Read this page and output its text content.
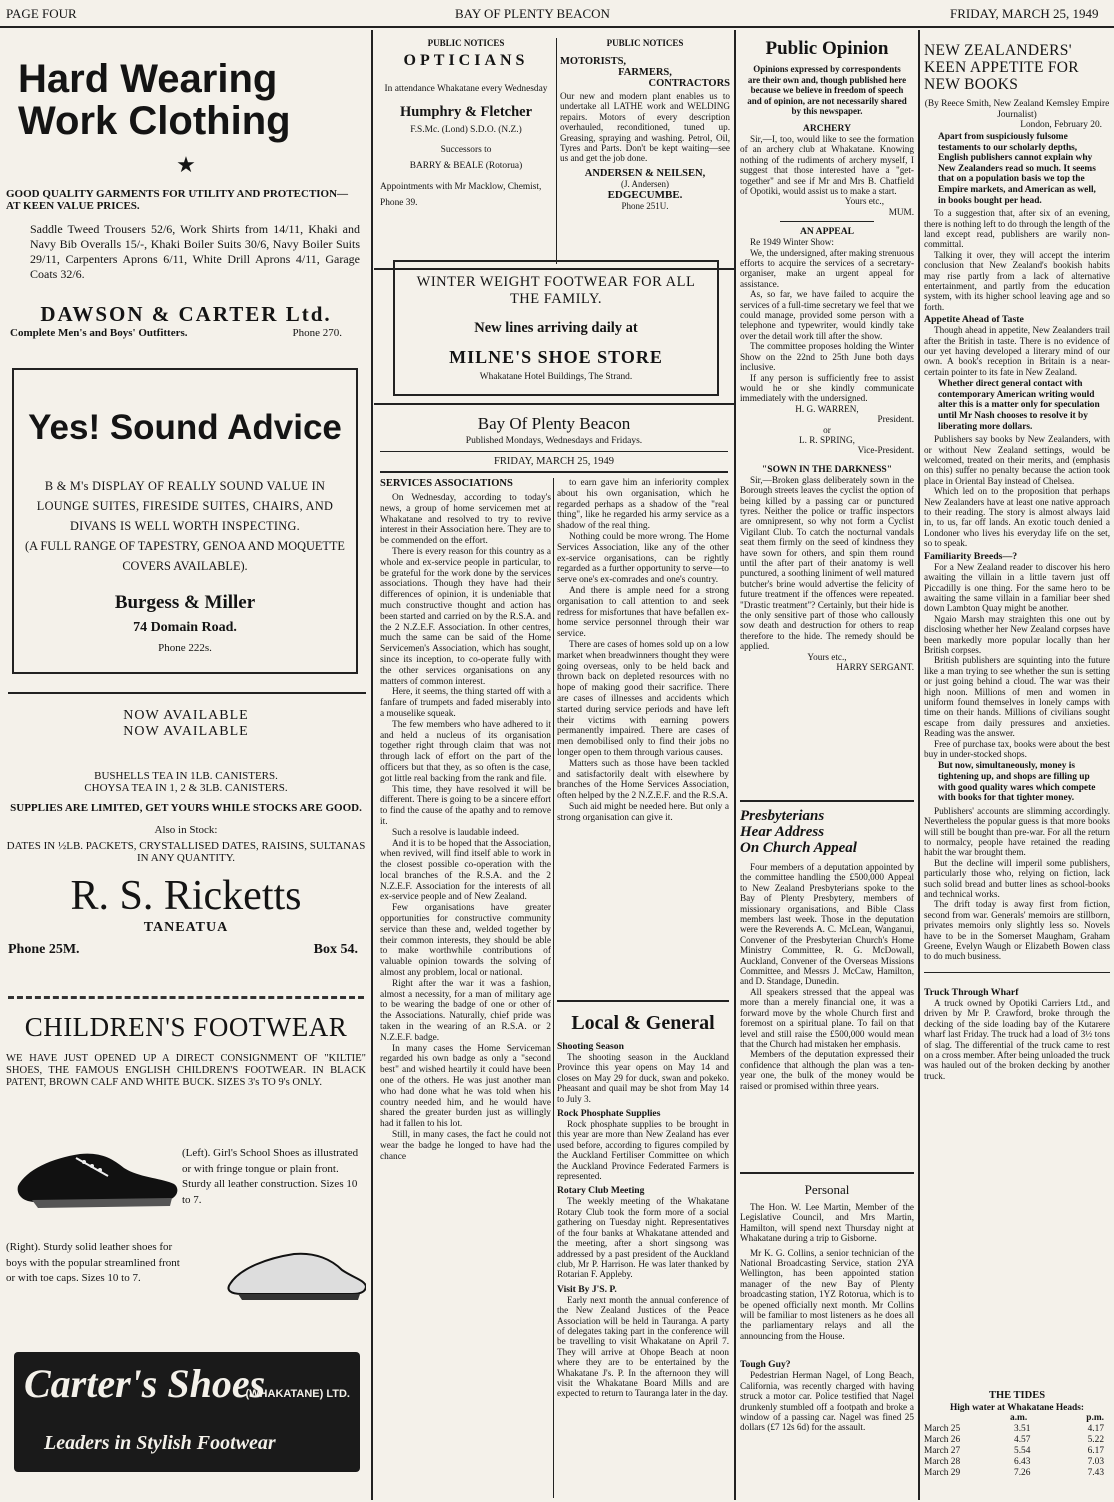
PAGE FOUR	BAY OF PLENTY BEACON	FRIDAY, MARCH 25, 1949
Hard Wearing Work Clothing
★

GOOD QUALITY GARMENTS FOR UTILITY AND PROTECTION—AT KEEN VALUE PRICES.

Saddle Tweed Trousers 52/6, Work Shirts from 14/11, Khaki and Navy Bib Overalls 15/-, Khaki Boiler Suits 30/6, Navy Boiler Suits 29/11, Carpenters Aprons 6/11, White Drill Aprons 4/11, Garage Coats 32/6.

DAWSON & CARTER Ltd.
Complete Men's and Boys' Outfitters.	Phone 270.
Yes! Sound Advice

B & M's DISPLAY OF REALLY SOUND VALUE IN LOUNGE SUITES, FIRESIDE SUITES, CHAIRS, AND DIVANS IS WELL WORTH INSPECTING.

(A FULL RANGE OF TAPESTRY, GENOA AND MOQUETTE COVERS AVAILABLE).

Burgess & Miller
74 Domain Road.
Phone 222s.
NOW AVAILABLE
NOW AVAILABLE
BUSHELLS TEA IN 1LB. CANISTERS.
CHOYSA TEA IN 1, 2 & 3LB. CANISTERS.

SUPPLIES ARE LIMITED, GET YOURS WHILE STOCKS ARE GOOD.

Also in Stock:

DATES IN ½LB. PACKETS, CRYSTALLISED DATES, RAISINS, SULTANAS IN ANY QUANTITY.

R. S. Ricketts
TANEATUA
Phone 25M.	Box 54.
CHILDREN'S FOOTWEAR

WE HAVE JUST OPENED UP A DIRECT CONSIGNMENT OF "KILTIE" SHOES, THE FAMOUS ENGLISH CHILDREN'S FOOTWEAR. IN BLACK PATENT, BROWN CALF AND WHITE BUCK. SIZES 3's TO 9's ONLY.

(Left). Girl's School Shoes as illustrated or with fringe tongue or plain front. Sturdy all leather construction. Sizes 10 to 7.

(Right). Sturdy solid leather shoes for boys with the popular streamlined front or with toe caps. Sizes 10 to 7.

Carter's Shoes
(WHAKATANE) LTD.
Leaders in Stylish Footwear
PUBLIC NOTICES
OPTICIANS

In attendance Whakatane every Wednesday

Humphry & Fletcher
F.S.Mc. (Lond) S.D.O. (N.Z.)
Successors to
BARRY & BEALE (Rotorua)

Appointments with Mr Macklow, Chemist, Phone 39.

PUBLIC NOTICES
MOTORISTS,
FARMERS,
CONTRACTORS

Our new and modern plant enables us to undertake all LATHE work and WELDING repairs. Motors of every description overhauled, reconditioned, tuned up. Greasing, spraying and washing. Petrol, Oil, Tyres and Parts. Don't be kept waiting—see us and get the job done.

ANDERSEN & NEILSEN,
(J. Andersen)
EDGECUMBE.
Phone 251U.

WINTER WEIGHT FOOTWEAR FOR ALL THE FAMILY.

New lines arriving daily at
MILNE'S SHOE STORE
Whakatane Hotel Buildings, The Strand.
Bay Of Plenty Beacon
Published Mondays, Wednesdays and Fridays.
FRIDAY, MARCH 25, 1949
SERVICES ASSOCIATIONS

On Wednesday, according to today's news, a group of home servicemen met at Whakatane and resolved to try to revive interest in their Association here. They are to be commended on the effort.

There is every reason for this country as a whole and ex-service people in particular, to be grateful for the work done by the services associations. Though they have had their differences of opinion, it is undeniable that much constructive thought and action has been started and carried on by the R.S.A. and the 2 N.Z.E.F. Association. In other centres, much the same can be said of the Home Servicemen's Association, which has sought, since its inception, to co-operate fully with the other services organisations on any matters of common interest.

Here, it seems, the thing started off with a fanfare of trumpets and faded miserably into a mouselike squeak.

The few members who have adhered to it and held a nucleus of its organisation together right through claim that was not through lack of effort on the part of the officers but that they, as so often is the case, got little real backing from the rank and file.

This time, they have resolved it will be different. There is going to be a sincere effort to find the cause of the apathy and to remove it.

Such a resolve is laudable indeed.

And it is to be hoped that the Association, when revived, will find itself able to work in the closest possible co-operation with the local branches of the R.S.A. and the 2 N.Z.E.F. Association for the interests of all ex-service people and of New Zealand.

Few organisations have greater opportunities for constructive community service than these and, welded together by their common interests, they should be able to make worthwhile contributions of valuable opinion towards the solving of almost any problem, local or national.

Right after the war it was a fashion, almost a necessity, for a man of military age to be wearing the badge of one or other of the Associations. Naturally, chief pride was taken in the wearing of an R.S.A. or 2 N.Z.E.F. badge.

In many cases the Home Serviceman regarded his own badge as only a "second best" and wished heartily it could have been one of the others. He was just another man who had done what he was told when his country needed him, and he would have shared the greater burden just as willingly had it fallen to his lot.

Still, in many cases, the fact he could not wear the badge he longed to have had the chance

to earn gave him an inferiority complex about his own organisation, which he regarded perhaps as a shadow of the "real thing", like he regarded his army service as a shadow of the real thing.

Nothing could be more wrong. The Home Services Association, like any of the other ex-service organisations, can be rightly regarded as a further opportunity to serve—to serve one's ex-comrades and one's country.

And there is ample need for a strong organisation to call attention to and seek redress for misfortunes that have befallen ex-home service personnel through their war service.

There are cases of homes sold up on a low market when breadwinners thought they were going overseas, only to be held back and thrown back on depleted resources with no hope of making good their sacrifice. There are cases of illnesses and accidents which started during service periods and have left their victims with earning powers permanently impaired. There are cases of men demobilised only to find their jobs no longer open to them through various causes.

Matters such as those have been tackled and satisfactorily dealt with elsewhere by branches of the Home Services Association, often helped by the 2 N.Z.E.F. and the R.S.A.

Such aid might be needed here. But only a strong organisation can give it.

Local & General
Shooting Season

The shooting season in the Auckland Province this year opens on May 14 and closes on May 29 for duck, swan and pokeko. Pheasant and quail may be shot from May 14 to July 3.

Rock Phosphate Supplies

Rock phosphate supplies to be brought in this year are more than New Zealand has ever used before, according to figures compiled by the Auckland Fertiliser Committee on which the Auckland Province Federated Farmers is represented.

Rotary Club Meeting

The weekly meeting of the Whakatane Rotary Club took the form more of a social gathering on Tuesday night. Representatives of the four banks at Whakatane attended and the meeting, after a short singsong was addressed by a past president of the Auckland club, Mr P. Harrison. He was later thanked by Rotarian F. Appleby.

Visit By J'S. P.

Early next month the annual conference of the New Zealand Justices of the Peace Association will be held in Tauranga. A party of delegates taking part in the conference will be travelling to visit Whakatane on April 7. They will arrive at Ohope Beach at noon where they are to be entertained by the Whakatane J's. P. In the afternoon they will visit the Whakatane Board Mills and are expected to return to Tauranga later in the day.

Public Opinion

Opinions expressed by correspondents are their own and, though published here because we believe in freedom of speech and of opinion, are not necessarily shared by this newspaper.

ARCHERY

Sir,—I, too, would like to see the formation of an archery club at Whakatane. Knowing nothing of the rudiments of archery myself, I suggest that those interested have a "get-together" and see if Mr and Mrs B. Chatfield of Opotiki, would assist us to make a start.

Yours etc.,
MUM.
AN APPEAL

Re 1949 Winter Show:

We, the undersigned, after making strenuous efforts to acquire the services of a secretary-organiser, make an urgent appeal for assistance.

As, so far, we have failed to acquire the services of a full-time secretary we feel that we could manage, provided some person with a telephone and typewriter, would kindly take over the detail work till after the show.

The committee proposes holding the Winter Show on the 22nd to 25th June both days inclusive.

If any person is sufficiently free to assist would he or she kindly communicate immediately with the undersigned.

H. G. WARREN,
President.
or
L. R. SPRING,
Vice-President.
"SOWN IN THE DARKNESS"

Sir,—Broken glass deliberately sown in the Borough streets leaves the cyclist the option of being killed by a passing car or punctured tyres. Neither the police or traffic inspectors are omnipresent, so why not form a Cyclist Vigilant Club. To catch the nocturnal vandals seat them firmly on the seed of kindness they have sown for others, and spin them round until the after part of their anatomy is well punctured, a soothing liniment of well matured butcher's brine would advertise the felicity of future treatment if the offences were repeated. "Drastic treatment"? Certainly, but their hide is the only sensitive part of those who callously sow death and destruction for others to reap therefore to the hide. The remedy should be applied.

Yours etc.,
HARRY SERGANT.
Presbyterians
Hear Address
On Church Appeal

Four members of a deputation appointed by the committee handling the £500,000 Appeal to New Zealand Presbyterians spoke to the Bay of Plenty Presbytery, members of missionary organisations, and Bible Class members last week. Those in the deputation were the Reverends A. C. McLean, Wanganui, Convener of the Presbyterian Church's Home Ministry Committee, R. G. McDowall, Auckland, Convener of the Overseas Missions Committee, and Messrs J. McCaw, Hamilton, and D. Standage, Dunedin.

All speakers stressed that the appeal was more than a merely financial one, it was a forward move by the whole Church first and foremost on a spiritual plane. To fail on that level and still raise the £500,000 would mean that the Church had mistaken her emphasis.

Members of the deputation expressed their confidence that although the plan was a ten-year one, the bulk of the money would be raised or promised within three years.

Personal

The Hon. W. Lee Martin, Member of the Legislative Council, and Mrs Martin, Hamilton, will spend next Thursday night at Whakatane during a trip to Gisborne.

Mr K. G. Collins, a senior technician of the National Broadcasting Service, station 2YA Wellington, has been appointed station manager of the new Bay of Plenty broadcasting station, 1YZ Rotorua, which is to be opened officially next month. Mr Collins will be familiar to most listeners as he does all the parliamentary relays and all the announcing from the House.

Tough Guy?

Pedestrian Herman Nagel, of Long Beach, California, was recently charged with having struck a motor car. Police testified that Nagel drunkenly stumbled off a footpath and broke a window of a passing car. Nagel was fined 25 dollars (£7 12s 6d) for the assault.

NEW ZEALANDERS' KEEN APPETITE FOR NEW BOOKS

(By Reece Smith, New Zealand Kemsley Empire Journalist)

London, February 20.

Apart from suspiciously fulsome testaments to our scholarly depths, English publishers cannot explain why New Zealanders read so much. It seems that on a population basis we top the Empire markets, and American as well, in books bought per head.

To a suggestion that, after six of an evening, there is nothing left to do through the length of the land except read, publishers are warily non-committal.

Talking it over, they will accept the interim conclusion that New Zealand's bookish habits may rise partly from a lack of alternative entertainment, and partly from the education system, with its higher school leaving age and so forth.

Appetite Ahead of Taste

Though ahead in appetite, New Zealanders trail after the British in taste. There is no evidence of our yet having developed a literary mind of our own. A book's reception in Britain is a near-certain pointer to its fate in New Zealand.

Whether direct general contact with contemporary American writing would alter this is a matter only for speculation until Mr Nash chooses to resolve it by liberating more dollars.

Publishers say books by New Zealanders, with or without New Zealand settings, would be welcomed, treated on their merits, and (emphasis on this) suffer no penalty because the action took place in Oriental Bay instead of Chelsea.

Which led on to the proposition that perhaps New Zealanders have at least one native approach to their reading. The story is almost always laid in, to us, far off lands. An exotic touch denied a Londoner who lives his everyday life on the set, so to speak.

Familiarity Breeds—?

For a New Zealand reader to discover his hero awaiting the villain in a little tavern just off Piccadilly is one thing. For the same hero to be awaiting the same villain in a familiar beer shed down Lambton Quay might be another.

Ngaio Marsh may straighten this one out by disclosing whether her New Zealand corpses have been markedly more popular locally than her British corpses.

British publishers are squinting into the future like a man trying to see whether the sun is setting or just going behind a cloud. The war was their high noon. Millions of men and women in uniform found themselves in lonely camps with time on their hands. Millions of civilians sought escape from daily pressures and anxieties. Reading was the answer.

Free of purchase tax, books were about the best buy in under-stocked shops.

But now, simultaneously, money is tightening up, and shops are filling up with good quality wares which compete with books for that tighter money.

Publishers' accounts are slimming accordingly. Nevertheless the popular guess is that more books will still be bought than pre-war. For all the return to normalcy, people have retained the reading habit the war brought them.

But the decline will imperil some publishers, particularly those who, relying on fiction, lack such solid bread and butter lines as school-books and technical works.

The drift today is away first from fiction, second from war. Generals' memoirs are stillborn, privates memoirs only slightly less so. Novels have to be in the Somerset Maugham, Graham Greene, Evelyn Waugh or Elizabeth Bowen class to do much business.

Truck Through Wharf

A truck owned by Opotiki Carriers Ltd., and driven by Mr P. Crawford, broke through the decking of the side loading bay of the Kutarere wharf last Friday. The truck had a load of 3½ tons of slag. The differential of the truck came to rest on a cross member. After being unloaded the truck was hauled out of the broken decking by another truck.

THE TIDES
High water at Whakatane Heads:
a.m.	p.m.
March 25	3.51	4.17
March 26	4.57	5.22
March 27	5.54	6.17
March 28	6.43	7.03
March 29	7.26	7.43
